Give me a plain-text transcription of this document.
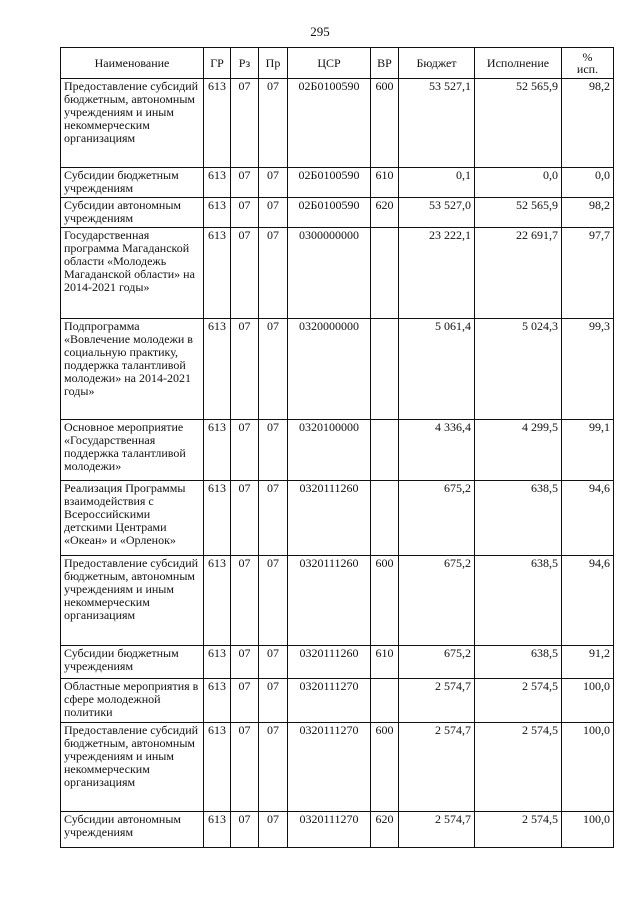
295
Наименование	ГР	Рз	Пр	ЦСР	ВР	Бюджет	Исполнение	%
исп.
Предоставление субсидий бюджетным, автономным учреждениям и иным некоммерческим организациям	613	07	07	02Б0100590	600	53 527,1	52 565,9	98,2
Субсидии бюджетным учреждениям	613	07	07	02Б0100590	610	0,1	0,0	0,0
Субсидии автономным учреждениям	613	07	07	02Б0100590	620	53 527,0	52 565,9	98,2
Государственная программа Магаданской области «Молодежь Магаданской области» на 2014-2021 годы»	613	07	07	0300000000		23 222,1	22 691,7	97,7
Подпрограмма «Вовлечение молодежи в социальную практику, поддержка талантливой молодежи» на 2014-2021 годы»	613	07	07	0320000000		5 061,4	5 024,3	99,3
Основное мероприятие «Государственная поддержка талантливой молодежи»	613	07	07	0320100000		4 336,4	4 299,5	99,1
Реализация Программы взаимодействия с Всероссийскими детскими Центрами «Океан» и «Орленок»	613	07	07	0320111260		675,2	638,5	94,6
Предоставление субсидий бюджетным, автономным учреждениям и иным некоммерческим организациям	613	07	07	0320111260	600	675,2	638,5	94,6
Субсидии бюджетным учреждениям	613	07	07	0320111260	610	675,2	638,5	91,2
Областные мероприятия в сфере молодежной политики	613	07	07	0320111270		2 574,7	2 574,5	100,0
Предоставление субсидий бюджетным, автономным учреждениям и иным некоммерческим организациям	613	07	07	0320111270	600	2 574,7	2 574,5	100,0
Субсидии автономным учреждениям	613	07	07	0320111270	620	2 574,7	2 574,5	100,0
